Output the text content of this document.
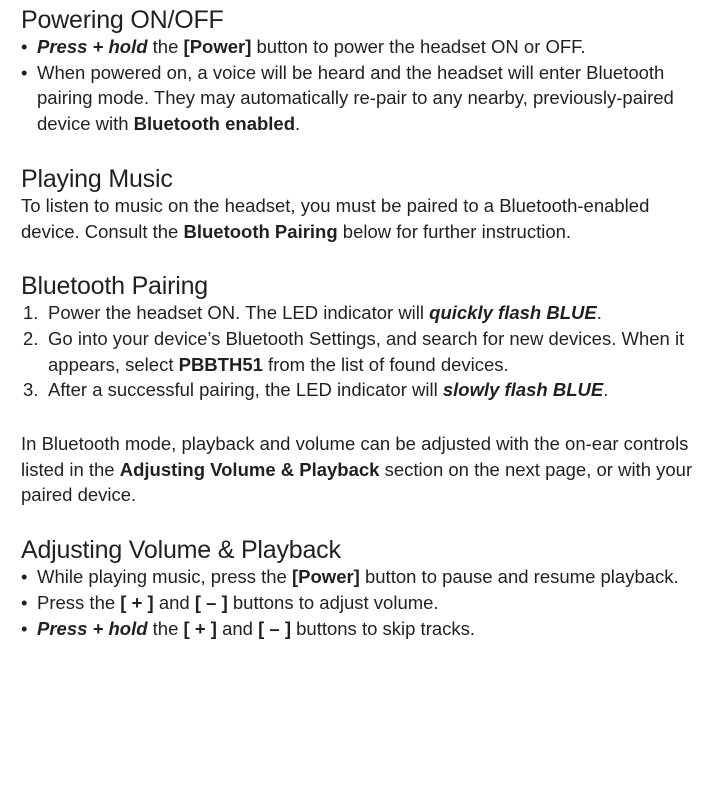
Powering ON/OFF
• Press + hold the [Power] button to power the headset ON or OFF.
• When powered on, a voice will be heard and the headset will enter Bluetooth pairing mode. They may automatically re-pair to any nearby, previously-paired device with Bluetooth enabled.
Playing Music

To listen to music on the headset, you must be paired to a Bluetooth-enabled device. Consult the Bluetooth Pairing below for further instruction.

Bluetooth Pairing
1. Power the headset ON. The LED indicator will quickly flash BLUE.
2. Go into your device’s Bluetooth Settings, and search for new devices. When it appears, select PBBTH51 from the list of found devices.
3. After a successful pairing, the LED indicator will slowly flash BLUE.

In Bluetooth mode, playback and volume can be adjusted with the on-ear controls listed in the Adjusting Volume & Playback section on the next page, or with your paired device.

Adjusting Volume & Playback
• While playing music, press the [Power] button to pause and resume playback.
• Press the [ + ] and [ – ] buttons to adjust volume.
• Press + hold the [ + ] and [ – ] buttons to skip tracks.
